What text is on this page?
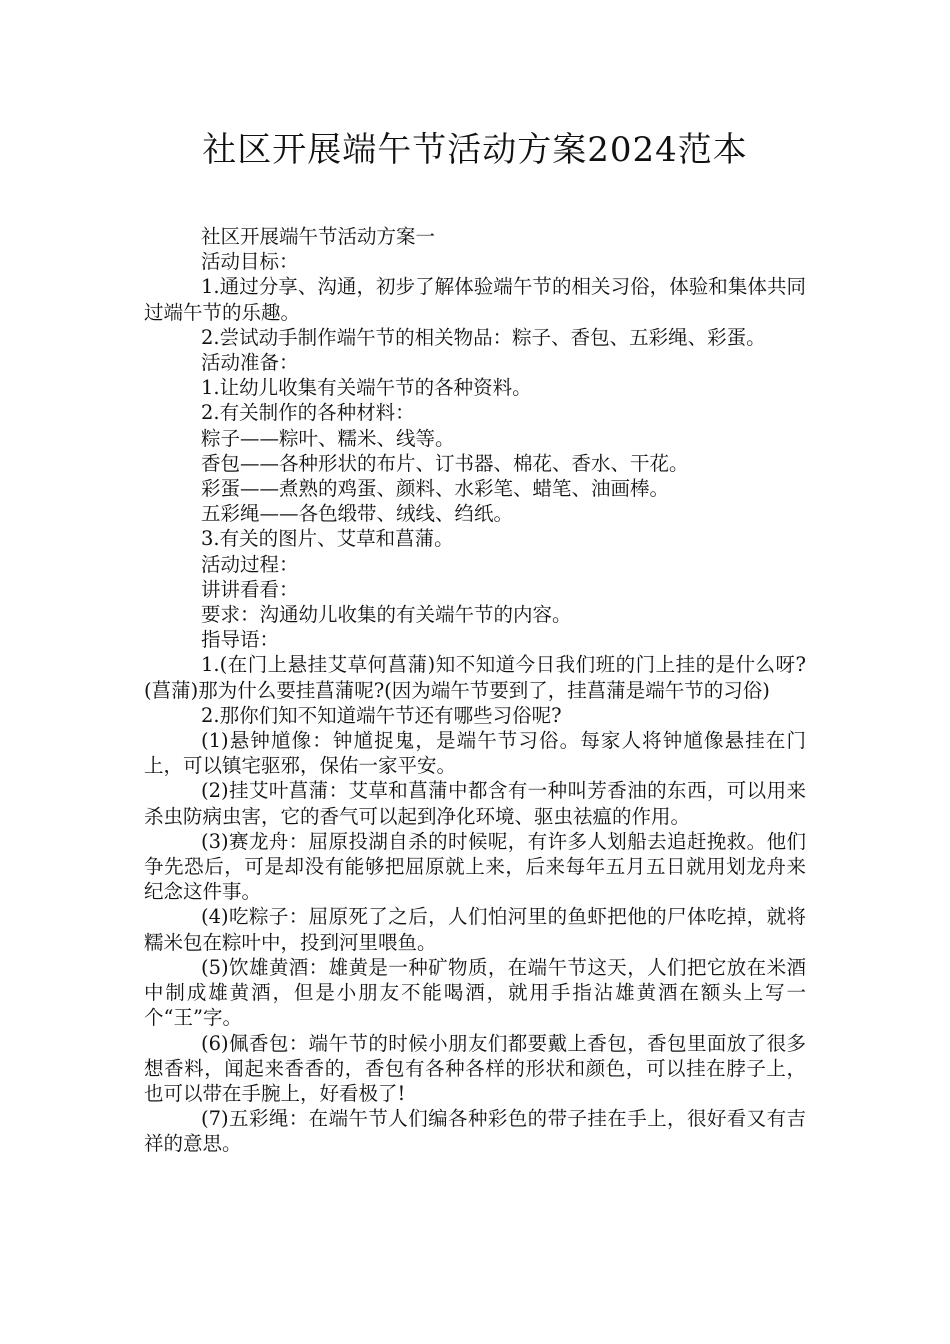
社区开展端午节活动方案2024范本

社区开展端午节活动方案一

活动目标：

1.通过分享、沟通，初步了解体验端午节的相关习俗，体验和集体共同过端午节的乐趣。

2.尝试动手制作端午节的相关物品：粽子、香包、五彩绳、彩蛋。

活动准备：

1.让幼儿收集有关端午节的各种资料。

2.有关制作的各种材料：

粽子——粽叶、糯米、线等。

香包——各种形状的布片、订书器、棉花、香水、干花。

彩蛋——煮熟的鸡蛋、颜料、水彩笔、蜡笔、油画棒。

五彩绳——各色缎带、绒线、绉纸。

3.有关的图片、艾草和菖蒲。

活动过程：

讲讲看看：

要求：沟通幼儿收集的有关端午节的内容。

指导语：

1.(在门上悬挂艾草何菖蒲)知不知道今日我们班的门上挂的是什么呀?(菖蒲)那为什么要挂菖蒲呢?(因为端午节要到了，挂菖蒲是端午节的习俗)

2.那你们知不知道端午节还有哪些习俗呢?

(1)悬钟馗像：钟馗捉鬼，是端午节习俗。每家人将钟馗像悬挂在门上，可以镇宅驱邪，保佑一家平安。

(2)挂艾叶菖蒲：艾草和菖蒲中都含有一种叫芳香油的东西，可以用来杀虫防病虫害，它的香气可以起到净化环境、驱虫祛瘟的作用。

(3)赛龙舟：屈原投湖自杀的时候呢，有许多人划船去追赶挽救。他们争先恐后，可是却没有能够把屈原就上来，后来每年五月五日就用划龙舟来纪念这件事。

(4)吃粽子：屈原死了之后，人们怕河里的鱼虾把他的尸体吃掉，就将糯米包在粽叶中，投到河里喂鱼。

(5)饮雄黄酒：雄黄是一种矿物质，在端午节这天，人们把它放在米酒中制成雄黄酒，但是小朋友不能喝酒，就用手指沾雄黄酒在额头上写一个“王”字。

(6)佩香包：端午节的时候小朋友们都要戴上香包，香包里面放了很多想香料，闻起来香香的，香包有各种各样的形状和颜色，可以挂在脖子上，也可以带在手腕上，好看极了!

(7)五彩绳：在端午节人们编各种彩色的带子挂在手上，很好看又有吉祥的意思。
